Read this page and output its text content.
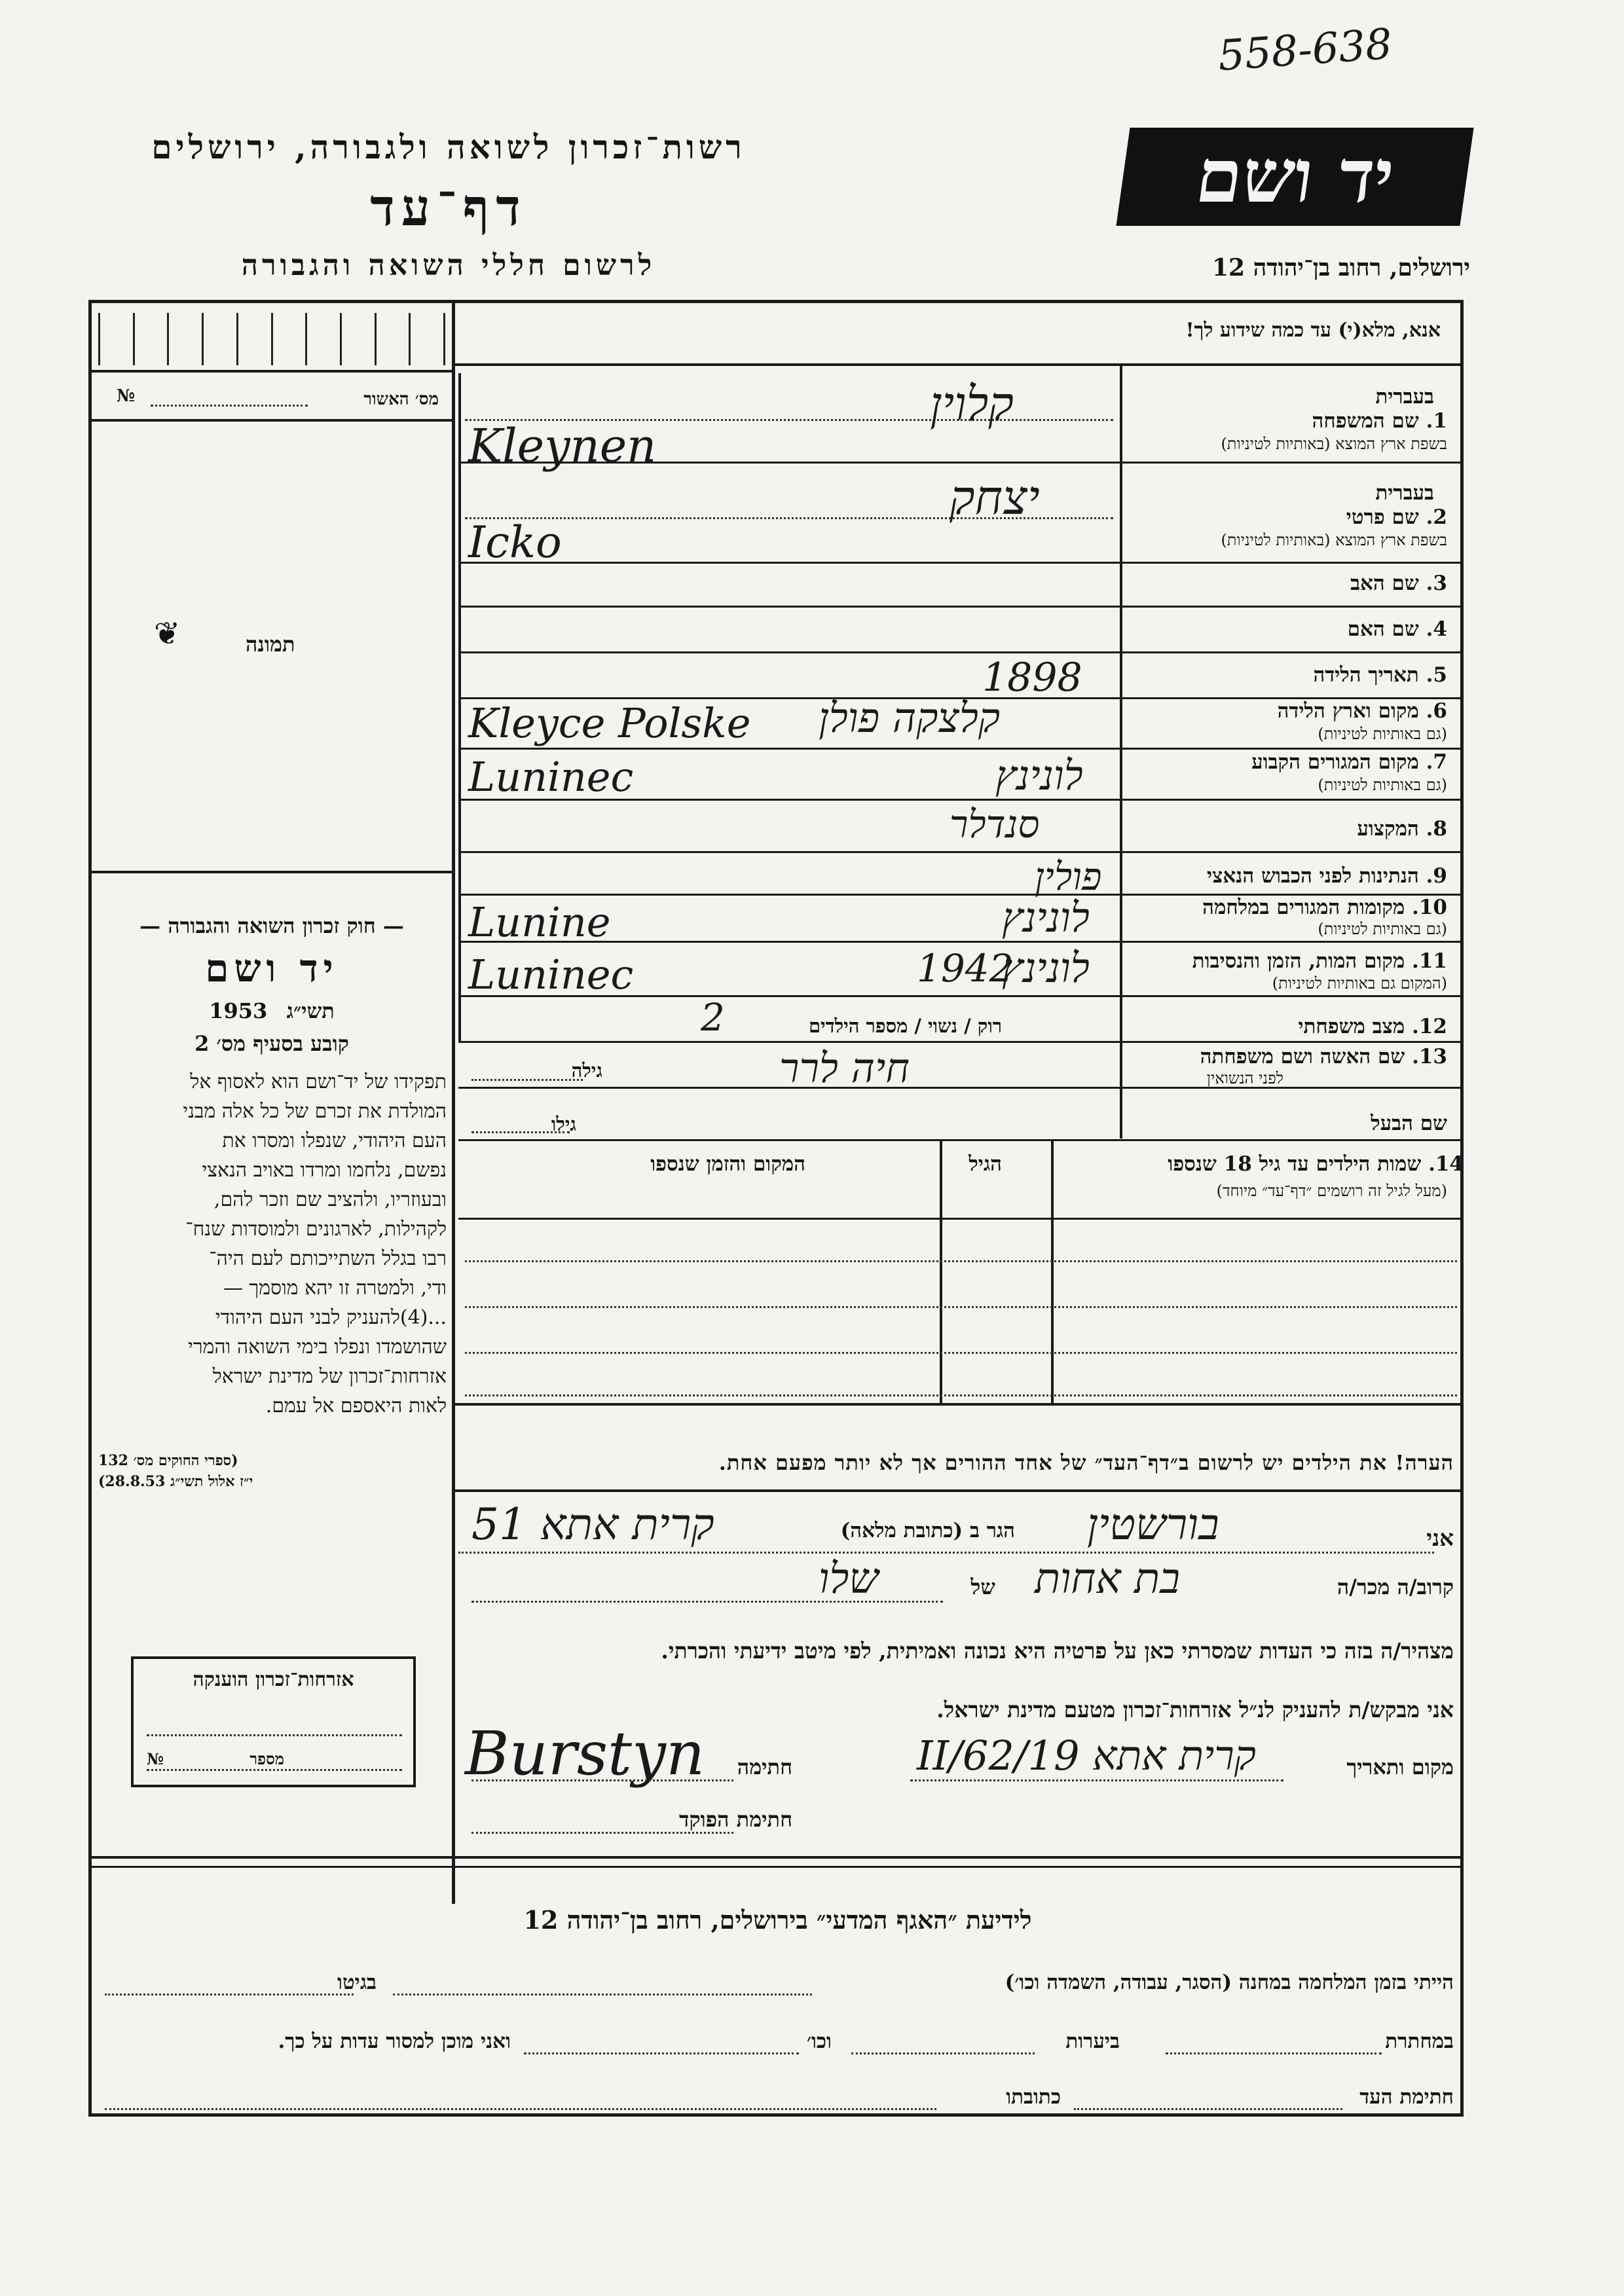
558-638
רשות־זכרון לשואה ולגבורה, ירושלים
דף־עד
לרשום חללי השואה והגבורה
יד ושם
ירושלים, רחוב בן־יהודה 12
מס׳ האשור
№
❦	תמונה
— חוק זכרון השואה והגבורה —
יד ושם
1953 תשי״ג
קובע בסעיף מס׳ 2
תפקידו של יד־ושם הוא לאסוף אל
המולדת את זכרם של כל אלה מבני
העם היהודי, שנפלו ומסרו את
נפשם, נלחמו ומרדו באויב הנאצי
ובעוזריו, ולהציב שם וזכר להם,
לקהילות, לארגונים ולמוסדות שנח־
רבו בגלל השתייכותם לעם היה־
ודי, ולמטרה זו יהא מוסמך —
...(4)להעניק לבני העם היהודי
שהושמדו ונפלו בימי השואה והמרי
אזרחות־זכרון של מדינת ישראל
לאות היאספם אל עמם.
(ספרי החוקים מס׳ 132
י״ז אלול תשי״ג 28.8.53)
אנא, מלא(י) עד כמה שידוע לך!
בעברית
1. שם המשפחה
בשפת ארץ המוצא (באותיות לטיניות)
בעברית
2. שם פרטי
בשפת ארץ המוצא (באותיות לטיניות)
3. שם האב
4. שם האם
5. תאריך הלידה
6. מקום וארץ הלידה
(גם באותיות לטיניות)
7. מקום המגורים הקבוע
(גם באותיות לטיניות)
8. המקצוע
9. הנתינות לפני הכבוש הנאצי
10. מקומות המגורים במלחמה
(גם באותיות לטיניות)
11. מקום המות, הזמן והנסיבות
(המקום גם באותיות לטיניות)
12. מצב משפחתי
13. שם האשה ושם משפחתה
לפני הנשואין
שם הבעל
רוק / נשוי / מספר הילדים
גילה
גילו
קלוין
Kleynen
יצחק
Icko
1898
קלצקה פולן
Kleyce Polske
לונינץ
Luninec
סנדלר
פולין
לונינץ
Lunine
1942
לונינץ
Luninec
2
חיה לרר
14. שמות הילדים עד גיל 18 שנספו
(מעל לגיל זה רושמים ״דף־עד״ מיוחד)
הגיל
המקום והזמן שנספו
הערה! את הילדים יש לרשום ב״דף־העד״ של אחד ההורים אך לא יותר מפעם אחת.
אני
בורשטין
הגר ב (כתובת מלאה)
קרית אתא 51
קרוב/ה מכר/ה
בת אחות
של
שלו
מצהיר/ה בזה כי העדות שמסרתי כאן על פרטיה היא נכונה ואמיתית, לפי מיטב ידיעתי והכרתי.
אני מבקש/ת להעניק לנ״ל אזרחות־זכרון מטעם מדינת ישראל.
מקום ותאריך
קרית אתא 19/II/62
חתימה
Burstyn
חתימת הפוקד
אזרחות־זכרון הוענקה
№	מספר
לידיעת ״האגף המדעי״ בירושלים, רחוב בן־יהודה 12
הייתי בזמן המלחמה במחנה (הסגר, עבודה, השמדה וכו׳)
בגיטו
במחתרת
ביערות
וכו׳
ואני מוכן למסור עדות על כך.
חתימת העד
כתובתו
